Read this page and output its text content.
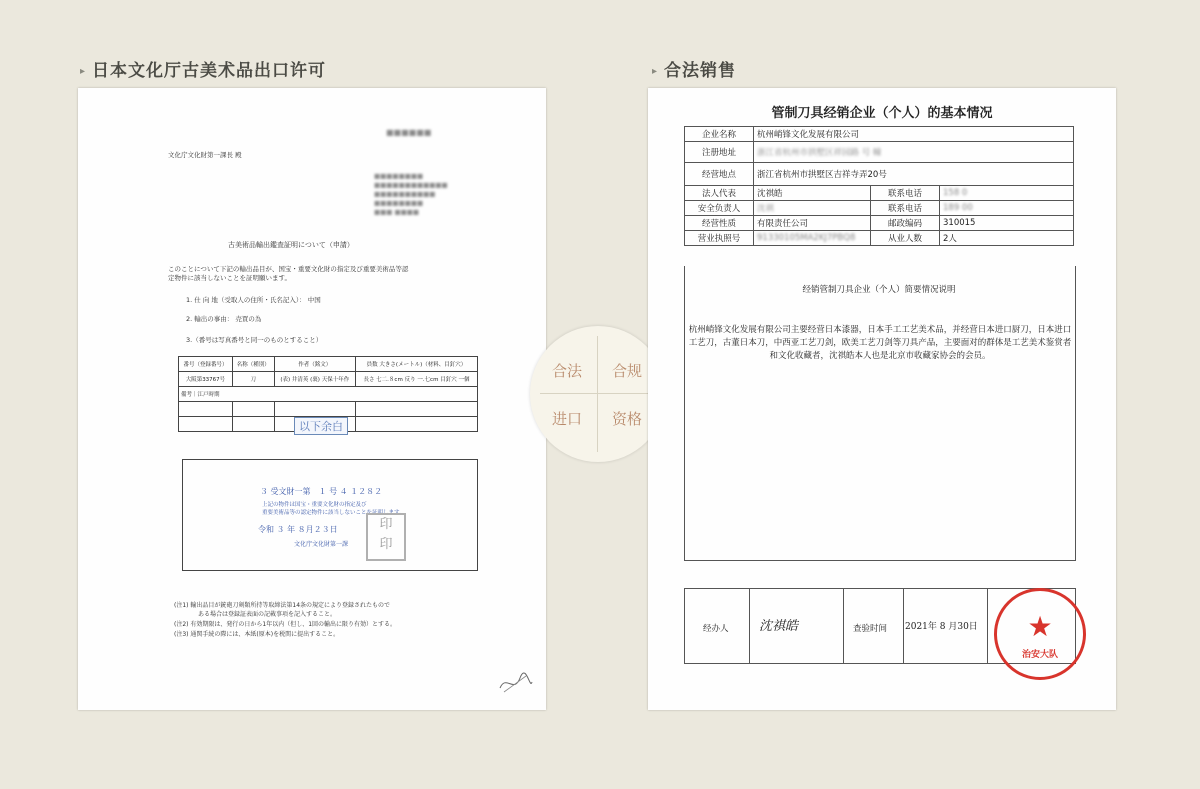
▸ 日本文化厅古美术品出口许可	▸ 合法销售
■■■■■■
文化庁文化財第一課長 殿
■■■■■■■■
■■■■■■■■■■■■
■■■■■■■■■■
■■■■■■■■
■■■ ■■■■
古美術品輸出鑑査証明について（申請）
このことについて下記の輸出品目が、国宝・重要文化財の指定及び重要美術品等認
定物件に該当しないことを証明願います。
1. 仕 向 地（受取人の住所・氏名記入）： 中国
2. 輸出の事由： 売買の為
3.（番号は写真番号と同一のものとすること）
番号（登録番号）	名称（種別）	作者（銘文）	員数 大きさ(メートル)（材料、目釘穴）
大阪第33767号	刀	(表) 井清英 (裏) 天保十年作	長さ 七二.８cm 反り 一.七cm 目釘穴 一個
備考｜江戸時期			

以下余白
３ 受文財一第　１ 号 ４ １２８２
上記の物件は国宝・重要文化財の指定及び
重要美術品等の認定物件に該当しないことを証明します。
令和 ３ 年 ８月２３日
文化庁文化財第一課
印
印
(注1) 輸出品目が銃砲刀剣類所持等取締法第14条の規定により登録されたもので
ある場合は登録証表面の記載事項を記入すること。
(注2) 有効期限は、発行の日から1年以内（但し、1回の輸出に限り有効）とする。
(注3) 通関手続の際には、本紙(原本)を税関に提出すること。
合法 合规
进口 资格
管制刀具经销企业（个人）的基本情况
企业名称	杭州峭锋文化发展有限公司		
注册地址	浙江省杭州市拱墅区祥园路 号 幢		
经营地点	浙江省杭州市拱墅区吉祥寺弄20号		
法人代表	沈祺皓	联系电话	158 0
安全负责人	沈祺	联系电话	189 00
经营性质	有限责任公司	邮政编码	310015
营业执照号	91330105MA2KJ7PBQ8	从业人数	2人
经销管制刀具企业（个人）简要情况说明
杭州峭锋文化发展有限公司主要经营日本漆器，日本手工工艺美术品，并经营日本进口厨刀，日本进口工艺刀，古董日本刀，中西亚工艺刀剑，欧美工艺刀剑等刀具产品，主要面对的群体是工艺美术鉴赏者和文化收藏者，沈祺皓本人也是北京市收藏家协会的会员。
经办人 沈祺皓	查验时间 2021年 8 月30日	★
治安大队
